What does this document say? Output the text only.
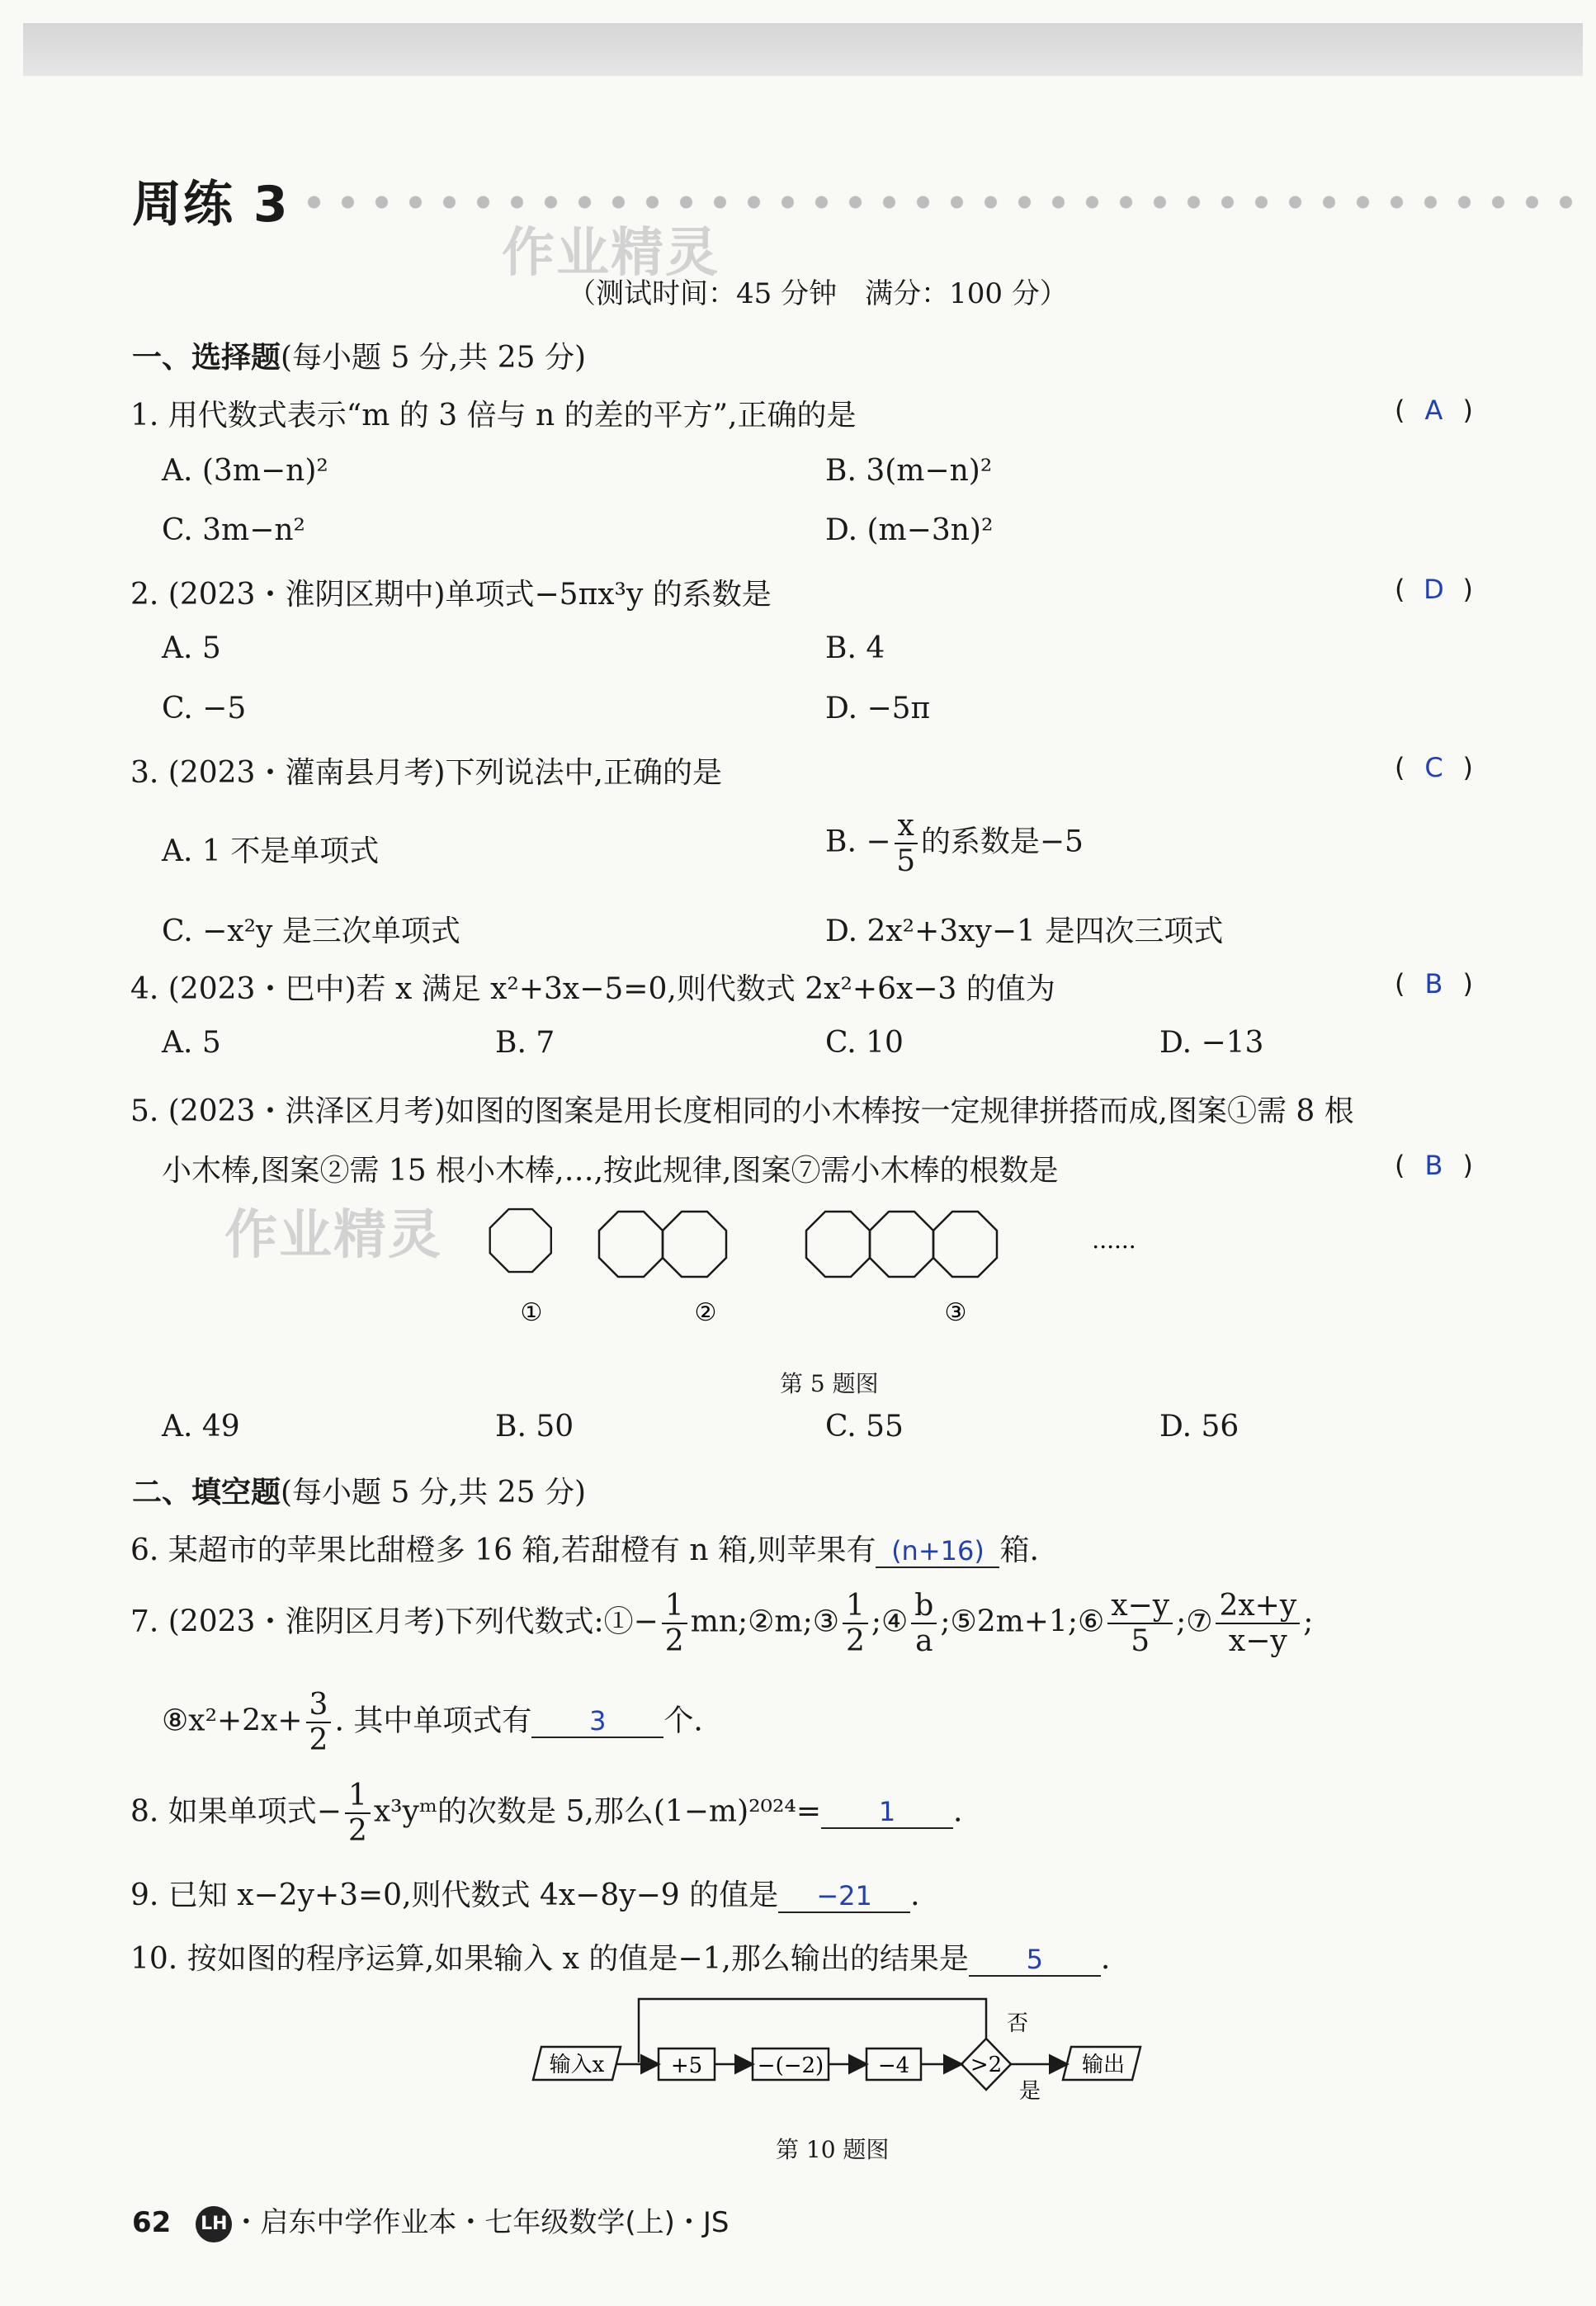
周练 3
作业精灵
（测试时间：45 分钟　满分：100 分）
一、选择题(每小题 5 分,共 25 分)
1. 用代数式表示“m 的 3 倍与 n 的差的平方”,正确的是	( A )
A. (3m−n)²	B. 3(m−n)²
C. 3m−n²	D. (m−3n)²
2. (2023・淮阴区期中)单项式−5πx³y 的系数是	( D )
A. 5	B. 4
C. −5	D. −5π
3. (2023・灌南县月考)下列说法中,正确的是	( C )
A. 1 不是单项式	B. − $\frac{x}{5}$ 的系数是−5
C. −x²y 是三次单项式	D. 2x²+3xy−1 是四次三项式
4. (2023・巴中)若 x 满足 x²+3x−5=0,则代数式 2x²+6x−3 的值为	( B )
A. 5	B. 7	C. 10	D. −13
5. (2023・洪泽区月考)如图的图案是用长度相同的小木棒按一定规律拼搭而成,图案①需 8 根
小木棒,图案②需 15 根小木棒,…,按此规律,图案⑦需小木棒的根数是	( B )
作业精灵
①	②	③
......
第 5 题图
A. 49	B. 50	C. 55	D. 56
二、填空题(每小题 5 分,共 25 分)
6. 某超市的苹果比甜橙多 16 箱,若甜橙有 n 箱,则苹果有 (n+16) 箱.
7. (2023・淮阴区月考)下列代数式:①− $\frac{1}{2}$ mn;②m;③ $\frac{1}{2}$ ;④ $\frac{b}{a}$ ;⑤2m+1;⑥ $\frac{x-y}{5}$ ;⑦ $\frac{2x+y}{x-y}$ ;
⑧x²+2x+ $\frac{3}{2}$ . 其中单项式有 3 个.
8. 如果单项式− $\frac{1}{2}$ x³yᵐ的次数是 5,那么(1−m)²⁰²⁴= 1 .
9. 已知 x−2y+3=0,则代数式 4x−8y−9 的值是 −21 .
10. 按如图的程序运算,如果输入 x 的值是−1,那么输出的结果是 5 .
输入x	+5	−(−2)	−4	>2
否
是
输出
第 10 题图
62 LH ・启东中学作业本・七年级数学(上)・JS
